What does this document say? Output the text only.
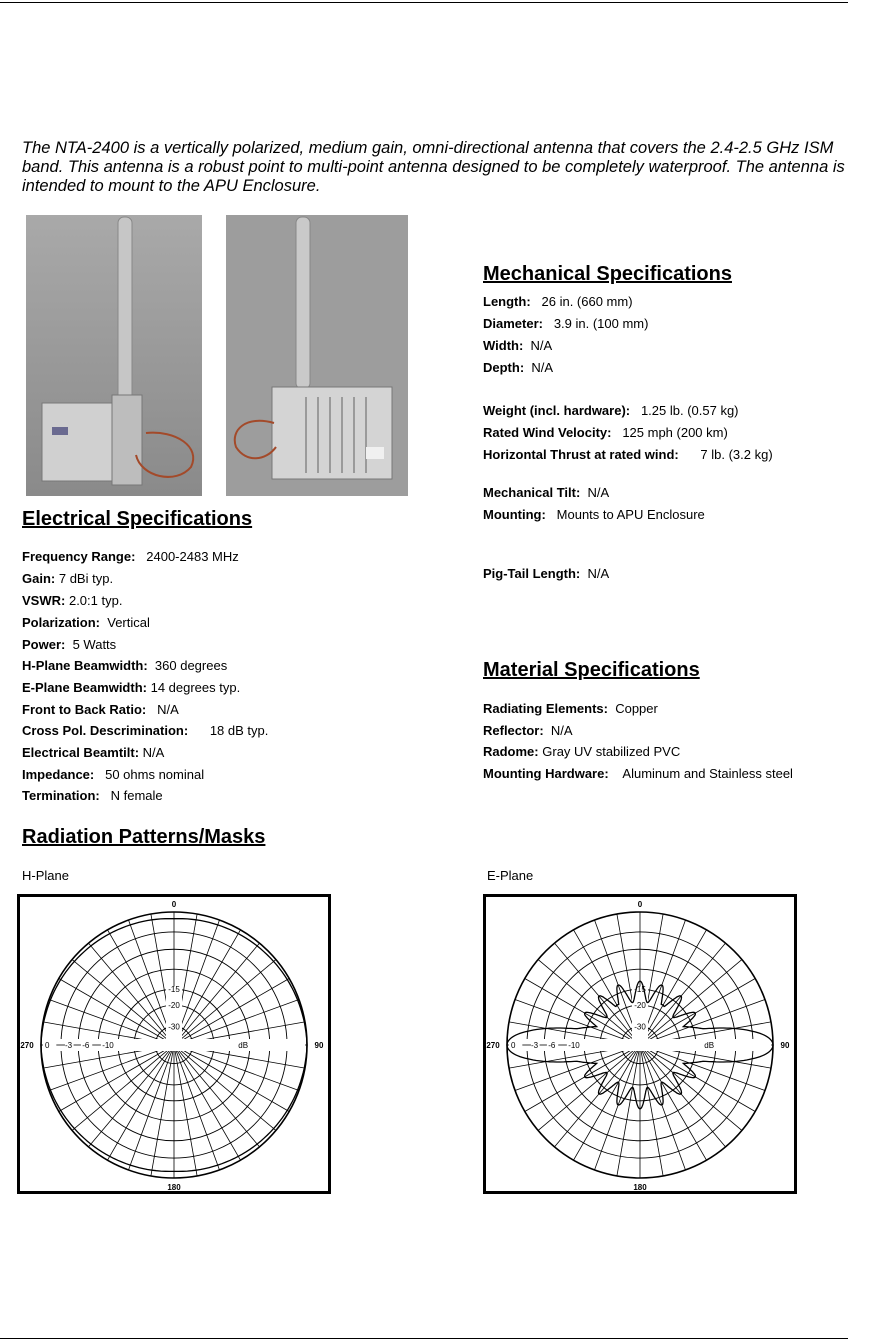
The NTA-2400 is a vertically polarized, medium gain, omni-directional antenna that covers the 2.4-2.5 GHz ISM band. This antenna is a robust point to multi-point antenna designed to be completely waterproof. The antenna is intended to mount to the APU Enclosure.
Mechanical Specifications
Electrical Specifications
Material Specifications
Radiation Patterns/Masks
Length: 26 in. (660 mm)
Diameter: 3.9 in. (100 mm)
Width: N/A
Depth: N/A
Weight (incl. hardware): 1.25 lb. (0.57 kg)
Rated Wind Velocity: 125 mph (200 km)
Horizontal Thrust at rated wind: 7 lb. (3.2 kg)
Mechanical Tilt: N/A
Mounting: Mounts to APU Enclosure
Pig-Tail Length: N/A
Frequency Range: 2400-2483 MHz
Gain: 7 dBi typ.
VSWR: 2.0:1 typ.
Polarization: Vertical
Power: 5 Watts
H-Plane Beamwidth: 360 degrees
E-Plane Beamwidth: 14 degrees typ.
Front to Back Ratio: N/A
Cross Pol. Descrimination: 18 dB typ.
Electrical Beamtilt: N/A
Impedance: 50 ohms nominal
Termination: N female
Radiating Elements: Copper
Reflector: N/A
Radome: Gray UV stabilized PVC
Mounting Hardware: Aluminum and Stainless steel
H-Plane	E-Plane
0
90
180
270 0 -3 -6 -10
-15
-20
-30
dB
0
90
180
270 0 -3 -6 -10
-15
-20
-30
dB
